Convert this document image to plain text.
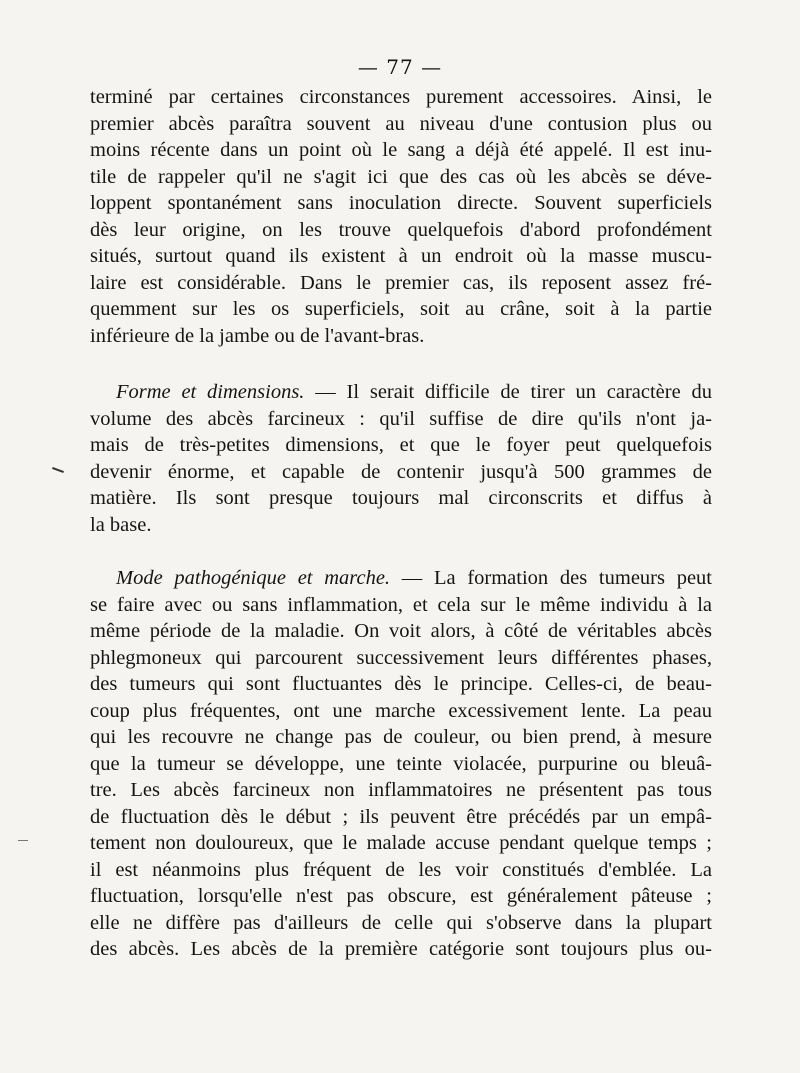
— 77 —
terminé par certaines circonstances purement accessoires. Ainsi, le
premier abcès paraîtra souvent au niveau d'une contusion plus ou
moins récente dans un point où le sang a déjà été appelé. Il est inu-
tile de rappeler qu'il ne s'agit ici que des cas où les abcès se déve-
loppent spontanément sans inoculation directe. Souvent superficiels
dès leur origine, on les trouve quelquefois d'abord profondément
situés, surtout quand ils existent à un endroit où la masse muscu-
laire est considérable. Dans le premier cas, ils reposent assez fré-
quemment sur les os superficiels, soit au crâne, soit à la partie
inférieure de la jambe ou de l'avant-bras.
Forme et dimensions. — Il serait difficile de tirer un caractère du
volume des abcès farcineux : qu'il suffise de dire qu'ils n'ont ja-
mais de très-petites dimensions, et que le foyer peut quelquefois
devenir énorme, et capable de contenir jusqu'à 500 grammes de
matière. Ils sont presque toujours mal circonscrits et diffus à
la base.
Mode pathogénique et marche. — La formation des tumeurs peut
se faire avec ou sans inflammation, et cela sur le même individu à la
même période de la maladie. On voit alors, à côté de véritables abcès
phlegmoneux qui parcourent successivement leurs différentes phases,
des tumeurs qui sont fluctuantes dès le principe. Celles-ci, de beau-
coup plus fréquentes, ont une marche excessivement lente. La peau
qui les recouvre ne change pas de couleur, ou bien prend, à mesure
que la tumeur se développe, une teinte violacée, purpurine ou bleuâ-
tre. Les abcès farcineux non inflammatoires ne présentent pas tous
de fluctuation dès le début ; ils peuvent être précédés par un empâ-
tement non douloureux, que le malade accuse pendant quelque temps ;
il est néanmoins plus fréquent de les voir constitués d'emblée. La
fluctuation, lorsqu'elle n'est pas obscure, est généralement pâteuse ;
elle ne diffère pas d'ailleurs de celle qui s'observe dans la plupart
des abcès. Les abcès de la première catégorie sont toujours plus ou-
